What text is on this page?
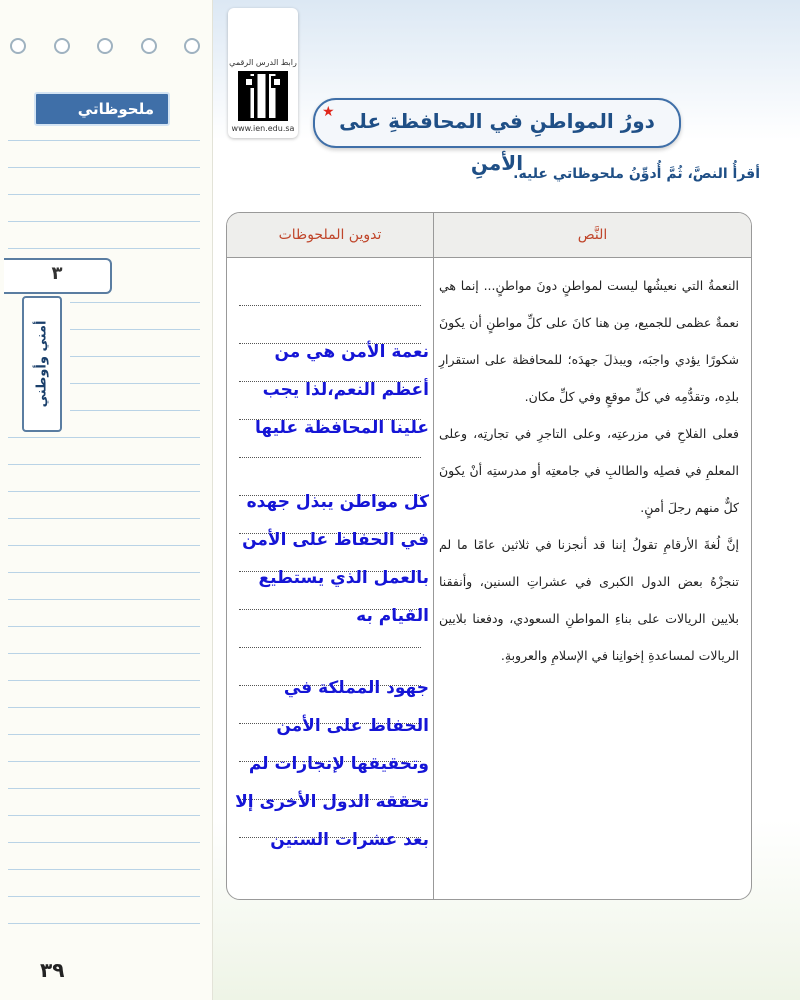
ملحوظاتي
٣
أمني وأوطني
٣٩
رابط الدرس الرقمي
www.ien.edu.sa	دورُ المواطنِ في المحافظةِ على الأمنِ
★
أقرأُ النصَّ، ثُمَّ أُدوِّنُ ملحوظاتي عليه.
النَّص
تدوين الملحوظات

النعمةُ التي نعيشُها ليست لمواطنٍ دونَ مواطنٍ... إنما هي نعمةٌ عظمى للجميع، مِن هنا كانَ على كلِّ مواطنٍ أن يكونَ شكورًا يؤدي واجبَه، ويبذلَ جهدَه؛ للمحافظة على استقرارِ بلدِه، وتقدُّمِه في كلِّ موقعٍ وفي كلِّ مكان.

فعلى الفلاحِ في مزرعتِه، وعلى التاجرِ في تجارتِه، وعلى المعلمِ في فصلِه والطالبِ في جامعتِه أو مدرستِه أنْ يكونَ كلٌّ منهم رجلَ أمنٍ.

إنَّ لُغةَ الأرقامِ تقولُ إننا قد أنجزنا في ثلاثين عامًا ما لم تنجزْهُ بعض الدول الكبرى في عشراتِ السنين، وأنفقنا بلايين الريالات على بناءِ المواطنِ السعودي، ودفعنا بلايين الريالات لمساعدةِ إخوانِنا في الإسلامِ والعروبةِ.

نعمة الأمن هي من أعظم النعم،لذا يجب علينا المحافظة عليها
كل مواطن يبذل جهده في الحفاظ على الأمن بالعمل الذي يستطيع القيام به
جهود المملكة في الحفاظ على الأمن وتحقيقها لإنجازات لم تحققه الدول الأخرى إلا بعد عشرات السنين
